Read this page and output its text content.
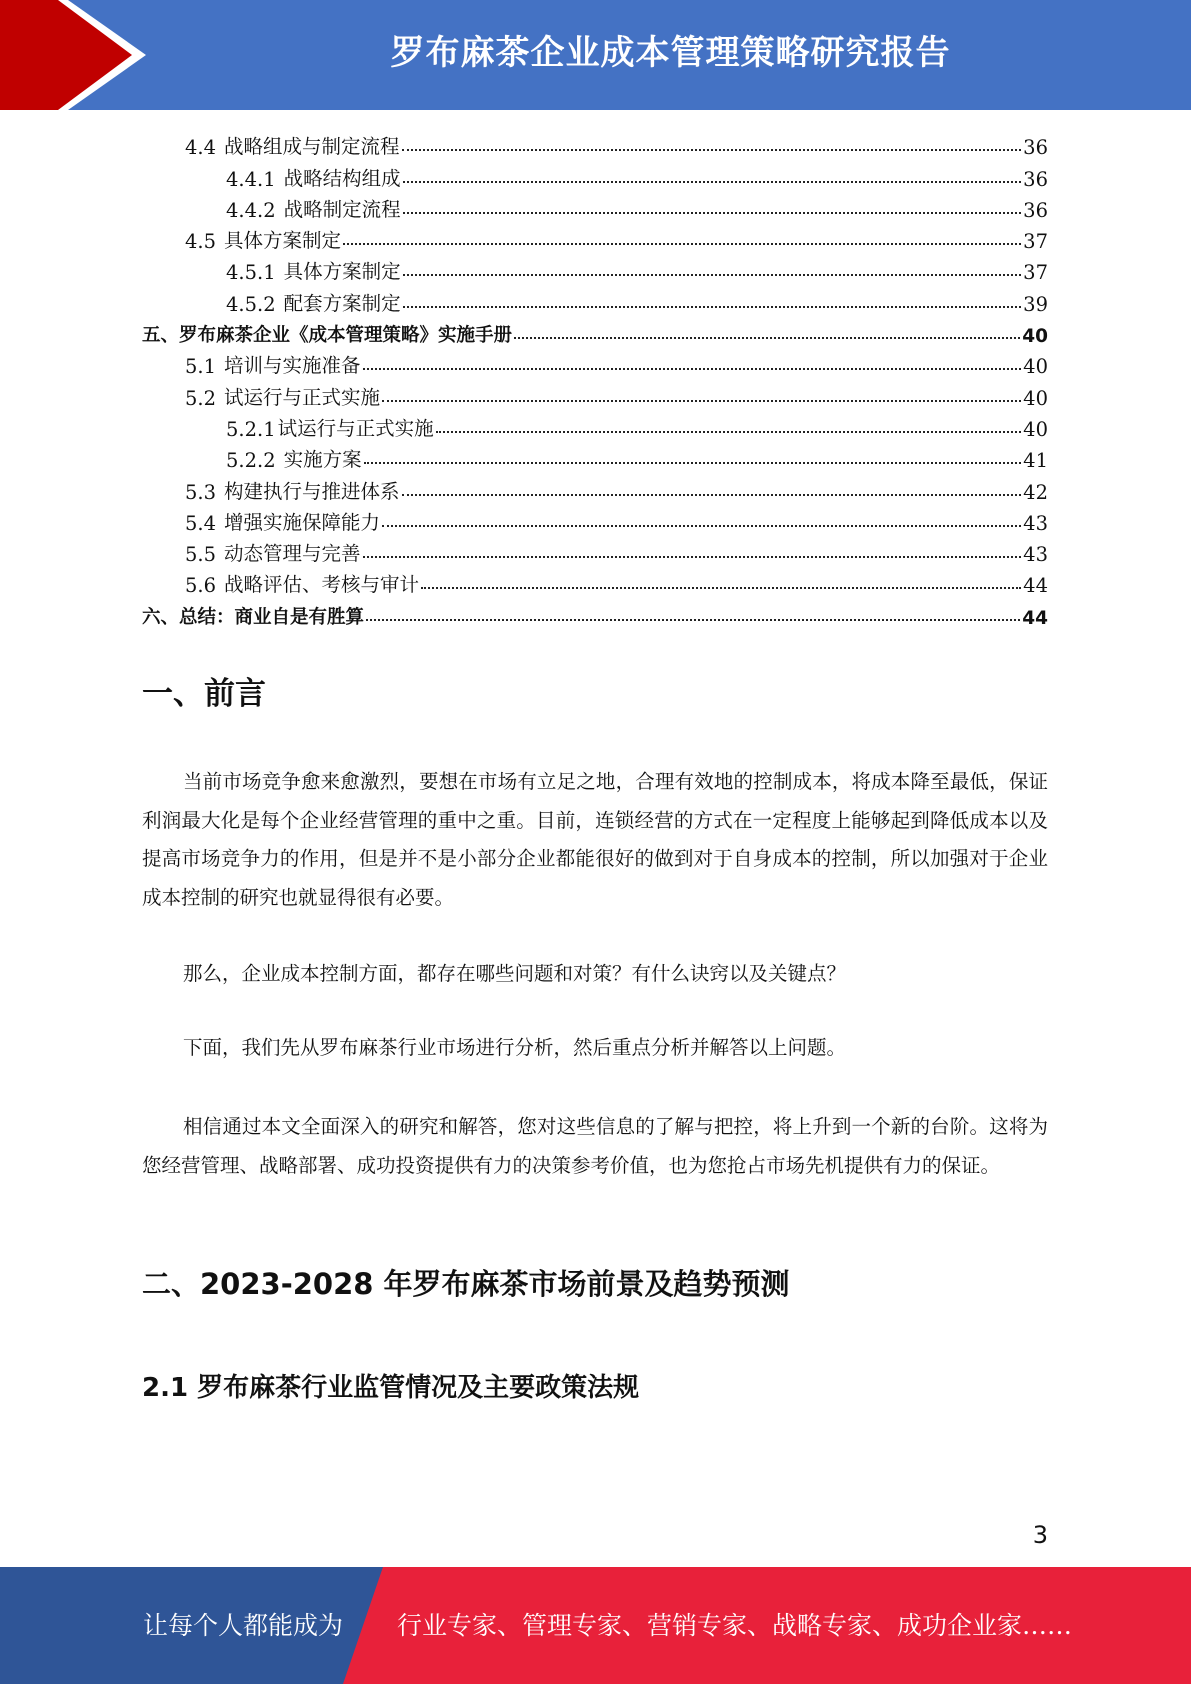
罗布麻茶企业成本管理策略研究报告
4.4 战略组成与制定流程	36
4.4.1 战略结构组成	36
4.4.2 战略制定流程	36
4.5 具体方案制定	37
4.5.1 具体方案制定	37
4.5.2 配套方案制定	39
五、罗布麻茶企业《成本管理策略》实施手册	40
5.1 培训与实施准备	40
5.2 试运行与正式实施	40
5.2.1 试运行与正式实施	40
5.2.2 实施方案	41
5.3 构建执行与推进体系	42
5.4 增强实施保障能力	43
5.5 动态管理与完善	43
5.6 战略评估、考核与审计	44
六、总结：商业自是有胜算	44
一、前言
当前市场竞争愈来愈激烈，要想在市场有立足之地，合理有效地的控制成本，将成本降至最低，保证利润最大化是每个企业经营管理的重中之重。目前，连锁经营的方式在一定程度上能够起到降低成本以及提高市场竞争力的作用，但是并不是小部分企业都能很好的做到对于自身成本的控制，所以加强对于企业成本控制的研究也就显得很有必要。
那么，企业成本控制方面，都存在哪些问题和对策？有什么诀窍以及关键点？
下面，我们先从罗布麻茶行业市场进行分析，然后重点分析并解答以上问题。
相信通过本文全面深入的研究和解答，您对这些信息的了解与把控，将上升到一个新的台阶。这将为您经营管理、战略部署、成功投资提供有力的决策参考价值，也为您抢占市场先机提供有力的保证。
二、2023-2028 年罗布麻茶市场前景及趋势预测
2.1 罗布麻茶行业监管情况及主要政策法规
3
让每个人都能成为 行业专家、管理专家、营销专家、战略专家、成功企业家……
